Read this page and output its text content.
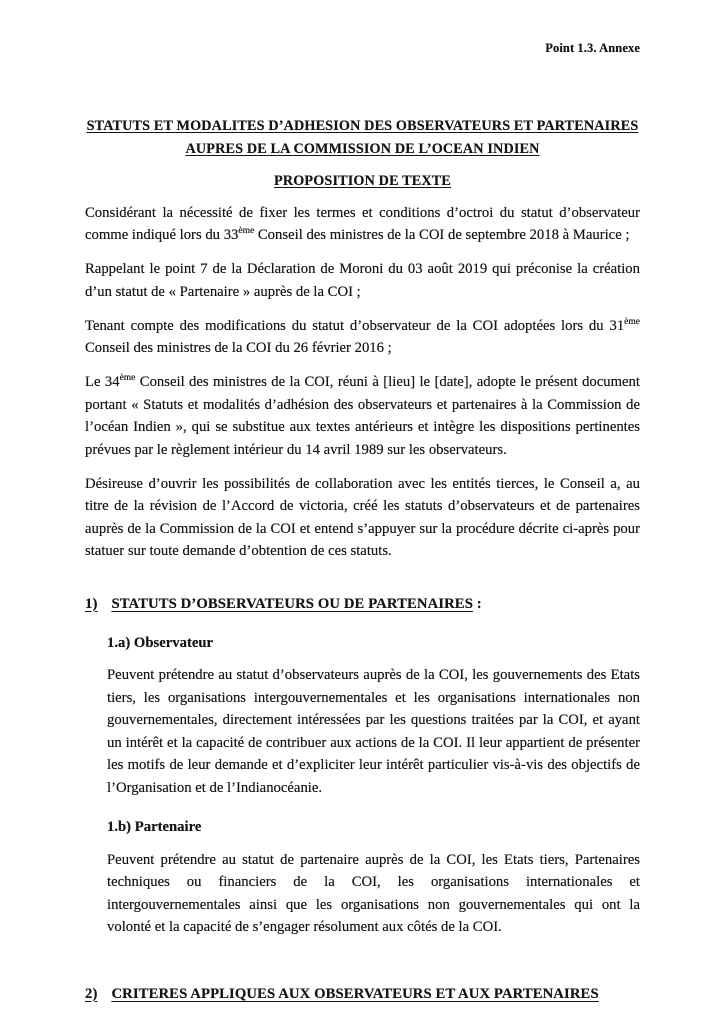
Point 1.3. Annexe
STATUTS ET MODALITES D’ADHESION DES OBSERVATEURS ET PARTENAIRES
AUPRES DE LA COMMISSION DE L’OCEAN INDIEN
PROPOSITION DE TEXTE

Considérant la nécessité de fixer les termes et conditions d’octroi du statut d’observateur comme indiqué lors du 33ème Conseil des ministres de la COI de septembre 2018 à Maurice ;

Rappelant le point 7 de la Déclaration de Moroni du 03 août 2019 qui préconise la création d’un statut de « Partenaire » auprès de la COI ;

Tenant compte des modifications du statut d’observateur de la COI adoptées lors du 31ème Conseil des ministres de la COI du 26 février 2016 ;

Le 34ème Conseil des ministres de la COI, réuni à [lieu] le [date], adopte le présent document portant « Statuts et modalités d’adhésion des observateurs et partenaires à la Commission de l’océan Indien », qui se substitue aux textes antérieurs et intègre les dispositions pertinentes prévues par le règlement intérieur du 14 avril 1989 sur les observateurs.

Désireuse d’ouvrir les possibilités de collaboration avec les entités tierces, le Conseil a, au titre de la révision de l’Accord de victoria, créé les statuts d’observateurs et de partenaires auprès de la Commission de la COI et entend s’appuyer sur la procédure décrite ci-après pour statuer sur toute demande d’obtention de ces statuts.

1) STATUTS D’OBSERVATEURS OU DE PARTENAIRES :

1.a) Observateur

Peuvent prétendre au statut d’observateurs auprès de la COI, les gouvernements des Etats tiers, les organisations intergouvernementales et les organisations internationales non gouvernementales, directement intéressées par les questions traitées par la COI, et ayant un intérêt et la capacité de contribuer aux actions de la COI. Il leur appartient de présenter les motifs de leur demande et d’expliciter leur intérêt particulier vis-à-vis des objectifs de l’Organisation et de l’Indianocéanie.

1.b) Partenaire

Peuvent prétendre au statut de partenaire auprès de la COI, les Etats tiers, Partenaires techniques ou financiers de la COI, les organisations internationales et intergouvernementales ainsi que les organisations non gouvernementales qui ont la volonté et la capacité de s’engager résolument aux côtés de la COI.

2) CRITERES APPLIQUES AUX OBSERVATEURS ET AUX PARTENAIRES
